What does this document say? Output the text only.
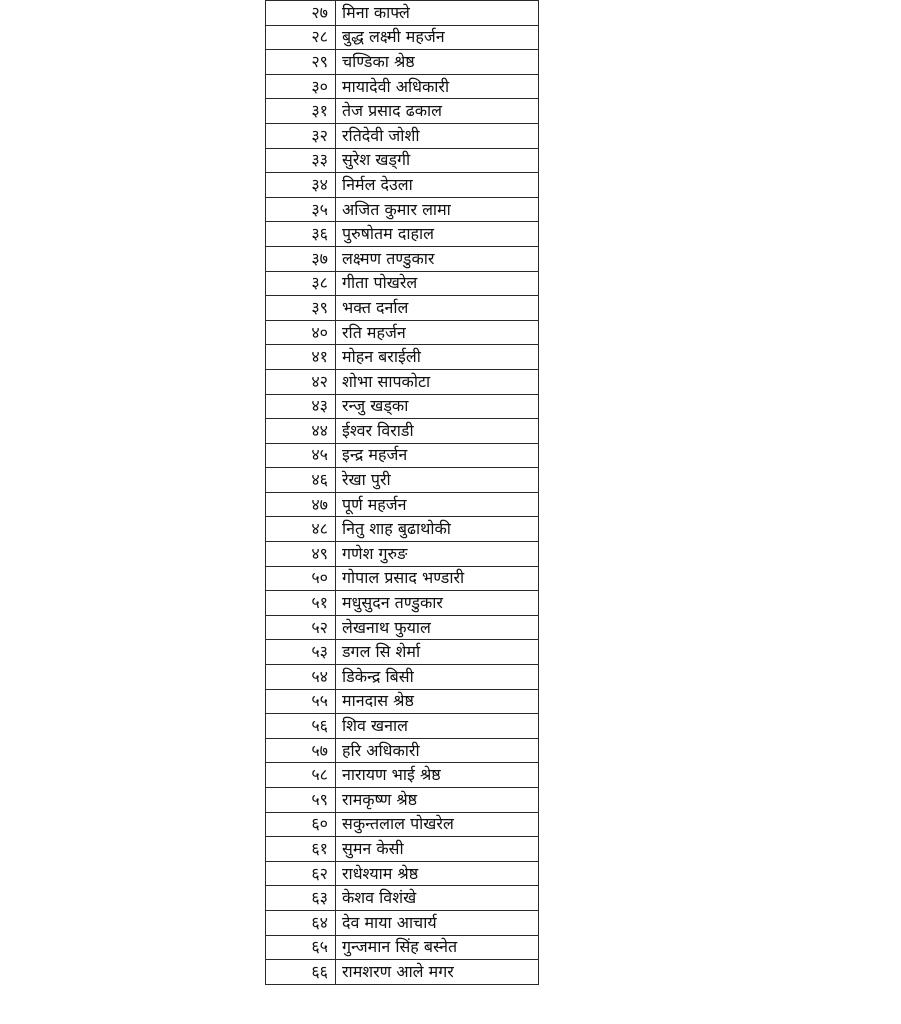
२७	मिना काफ्ले
२८	बुद्ध लक्ष्मी महर्जन
२९	चण्डिका श्रेष्ठ
३०	मायादेवी अधिकारी
३१	तेज प्रसाद ढकाल
३२	रतिदेवी जोशी
३३	सुरेश खड्गी
३४	निर्मल देउला
३५	अजित कुमार लामा
३६	पुरुषोतम दाहाल
३७	लक्ष्मण तण्डुकार
३८	गीता पोखरेल
३९	भक्त दर्नाल
४०	रति महर्जन
४१	मोहन बराईली
४२	शोभा सापकोटा
४३	रन्जु खड्का
४४	ईश्वर विराडी
४५	इन्द्र महर्जन
४६	रेखा पुरी
४७	पूर्ण महर्जन
४८	नितु शाह बुढाथोकी
४९	गणेश गुरुङ
५०	गोपाल प्रसाद भण्डारी
५१	मधुसुदन तण्डुकार
५२	लेखनाथ फुयाल
५३	डगल सि शेर्मा
५४	डिकेन्द्र बिसी
५५	मानदास श्रेष्ठ
५६	शिव खनाल
५७	हरि अधिकारी
५८	नारायण भाई श्रेष्ठ
५९	रामकृष्ण श्रेष्ठ
६०	सकुन्तलाल पोखरेल
६१	सुमन केसी
६२	राधेश्याम श्रेष्ठ
६३	केशव विशंखे
६४	देव माया आचार्य
६५	गुन्जमान सिंह बस्नेत
६६	रामशरण आले मगर
